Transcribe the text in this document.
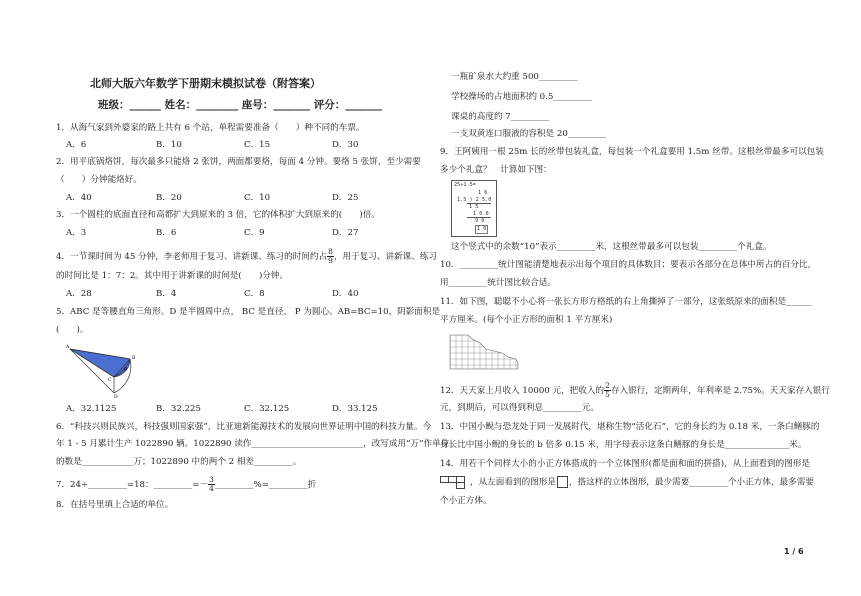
北师大版六年数学下册期末模拟试卷（附答案）
班级：______ 姓名：________ 座号：_______ 评分：_______
1．从海气家到外婆家的路上共有 6 个站，单程需要准备（　　）种不同的车票。
A．6	B．10	C．15	D．30
2．用平底锅烙饼，每次最多只能烙 2 张饼，两面都要烙，每面 4 分钟。要烙 5 张饼，至少需要
（　　）分钟能烙好。
A．40	B．20	C．10	D．25
3．一个圆柱的底面直径和高都扩大到原来的 3 倍，它的体积扩大到原来的(　　)倍。
A．3	B．6	C．9	D．27
4．一节课时间为 45 分钟，李老师用于复习、讲新课、练习的时间约占 $\frac{8}{9}$ ，用于复习、讲新课、练习
的时间比是 1：7：2。其中用于讲新课的时间是(　　)分钟。
A．28	B．4	C．8	D．40
5．ABC 是等腰直角三角形。D 是半圆周中点， BC 是直径， P 为圆心。AB=BC=10，阴影面积是
(　　)。
A
B
C
D
P
A．32.1125	B．32.225	C．32.125	D．33.125
6．“科技兴则民族兴，科技强则国家强”，比亚迪新能源技术的发展向世界证明中国的科技力量。今
年 1 - 5 月累计生产 1022890 辆。1022890 读作__________________________，改写成用“万”作单位
的数是____________万；1022890 中的两个 2 相差_________。
7．24÷_________=18：_________=－ $\frac{3}{4}$ _________%=_________折
8．在括号里填上合适的单位。
一瓶矿泉水大约重 500_________
学校操场的占地面积约 0.5_________
课桌的高度约 7_________
一支双黄连口服液的容积是 20_________
9．王阿姨用一根 25m 长的丝带包装礼盒，每包装一个礼盒要用 1.5m 丝带。这根丝带最多可以包装
多少个礼盒？　计算如下图：
25÷1.5=
1 6
1.5 ) 2 5.0
1 5
1 0.0
9 0
1 0
这个竖式中的余数“10”表示_________米，这根丝带最多可以包装_________个礼盒。
10．_________统计图能清楚地表示出每个项目的具体数目；要表示各部分在总体中所占的百分比，
用_________统计图比较合适。
11．如下图，聪聪不小心将一张长方形方格纸的右上角撕掉了一部分，这张纸原来的面积是______
平方厘米。(每个小正方形的面积 1 平方厘米)
12．天天家上月收入 10000 元，把收入的 $\frac{2}{5}$ 存入银行，定期两年，年利率是 2.75%。天天家存入银行
元，到期后，可以得到利息_________元。
13．中国小鲵与恐龙处于同一发展时代，堪称生物“活化石”，它的身长约为 0.18 米，一条白鳝豚的
身长比中国小鲵的身长的 b 倍多 0.15 米，用字母表示这条白鳝豚的身长是_______________米。
14．用若干个同样大小的小正方体搭成的一个立体图形(都是面和面的拼搭)，从上面看到的图形是
，从左面看到的图形是 ，搭这样的立体图形，最少需要_________个小正方体，最多需要
个小正方体。
1 / 6
